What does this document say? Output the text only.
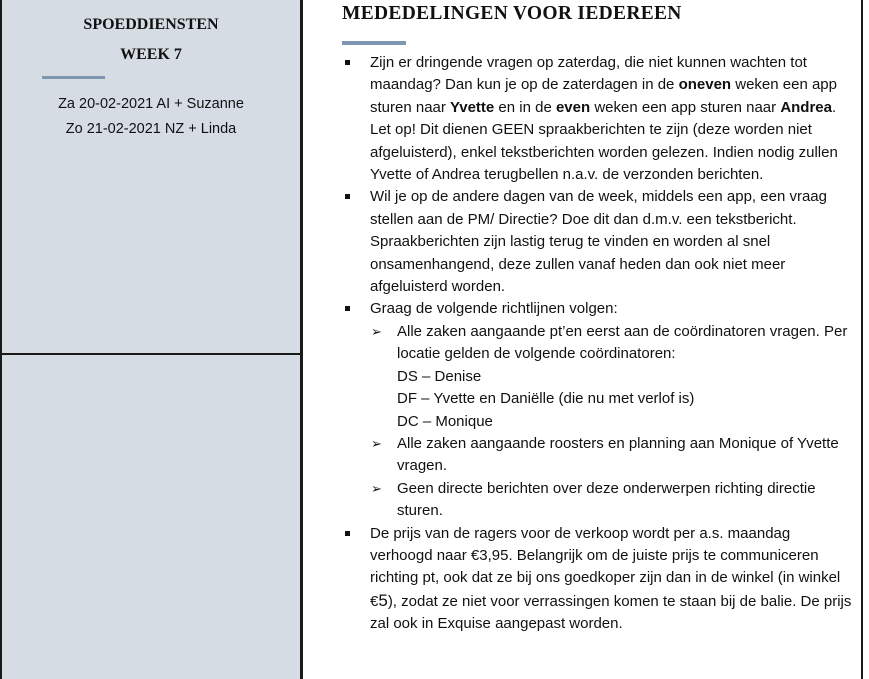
SPOEDDIENSTEN
WEEK 7
Za 20-02-2021 AI + Suzanne
Zo 21-02-2021 NZ + Linda
MEDEDELINGEN VOOR IEDEREEN
Zijn er dringende vragen op zaterdag, die niet kunnen wachten tot maandag? Dan kun je op de zaterdagen in de oneven weken een app sturen naar Yvette en in de even weken een app sturen naar Andrea. Let op! Dit dienen GEEN spraakberichten te zijn (deze worden niet afgeluisterd), enkel tekstberichten worden gelezen. Indien nodig zullen Yvette of Andrea terugbellen n.a.v. de verzonden berichten.
Wil je op de andere dagen van de week, middels een app, een vraag stellen aan de PM/ Directie? Doe dit dan d.m.v. een tekstbericht. Spraakberichten zijn lastig terug te vinden en worden al snel onsamenhangend, deze zullen vanaf heden dan ook niet meer afgeluisterd worden.
Graag de volgende richtlijnen volgen:
➢ Alle zaken aangaande pt’en eerst aan de coördinatoren vragen. Per locatie gelden de volgende coördinatoren:
DS – Denise
DF – Yvette en Daniëlle (die nu met verlof is)
DC – Monique
➢ Alle zaken aangaande roosters en planning aan Monique of Yvette vragen.
➢ Geen directe berichten over deze onderwerpen richting directie sturen.
De prijs van de ragers voor de verkoop wordt per a.s. maandag verhoogd naar €3,95. Belangrijk om de juiste prijs te communiceren richting pt, ook dat ze bij ons goedkoper zijn dan in de winkel (in winkel €5), zodat ze niet voor verrassingen komen te staan bij de balie. De prijs zal ook in Exquise aangepast worden.
